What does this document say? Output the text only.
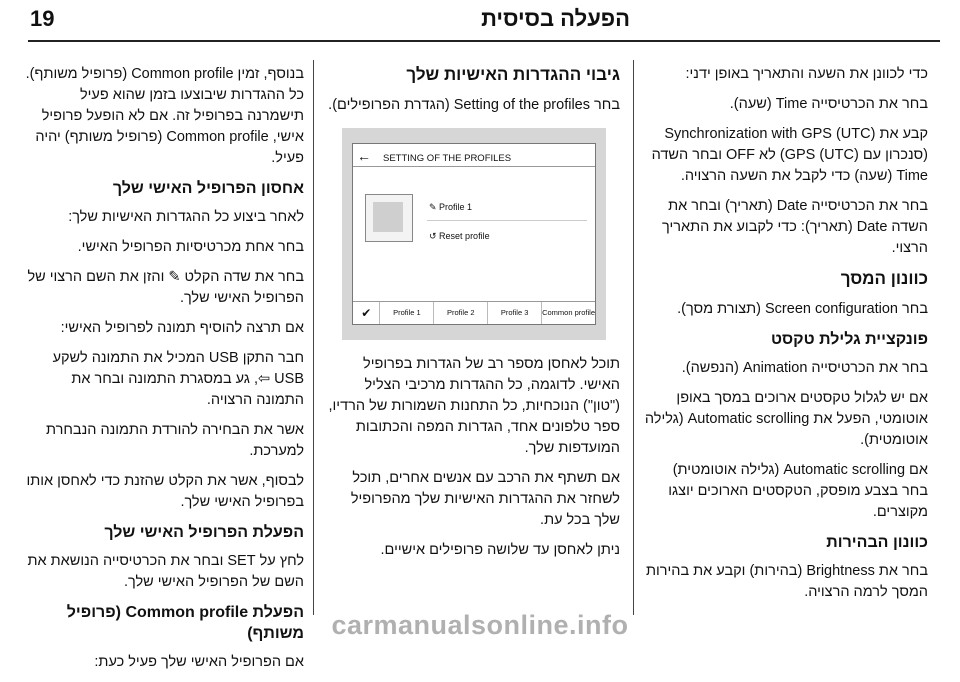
19	הפעלה בסיסית

כדי לכוונן את השעה והתאריך באופן ידני:

בחר את הכרטיסייה Time (שעה).

קבע את Synchronization with GPS (UTC) (סנכרון עם GPS (UTC)) לא OFF ובחר השדה Time (שעה) כדי לקבל את השעה הרצויה.

בחר את הכרטיסייה Date (תאריך) ובחר את השדה Date (תאריך): כדי לקבוע את התאריך הרצוי.

כוונון המסך

בחר Screen configuration (תצורת מסך).

פונקציית גלילת טקסט

בחר את הכרטיסייה Animation (הנפשה).

אם יש לגלול טקסטים ארוכים במסך באופן אוטומטי, הפעל את Automatic scrolling (גלילה אוטומטית).

אם Automatic scrolling (גלילה אוטומטית) בחר בצבע מופסק, הטקסטים הארוכים יוצגו מקוצרים.

כוונון הבהירות

בחר את Brightness (בהירות) וקבע את בהירות המסך לרמה הרצויה.

גיבוי ההגדרות האישיות שלך

בחר Setting of the profiles (הגדרת הפרופילים).

← SETTING OF THE PROFILES
✎ Profile 1
↺ Reset profile
✔	Profile 1	Profile 2	Profile 3	Common profile

תוכל לאחסן מספר רב של הגדרות בפרופיל האישי. לדוגמה, כל ההגדרות מרכיבי הצליל ("טון") הנוכחיות, כל התחנות השמורות של הרדיו, ספר טלפונים אחד, הגדרות המפה והכתובות המועדפות שלך.

אם תשתף את הרכב עם אנשים אחרים, תוכל לשחזר את ההגדרות האישיות שלך מהפרופיל שלך בכל עת.

ניתן לאחסן עד שלושה פרופילים אישיים.

בנוסף, זמין Common profile (פרופיל משותף). כל ההגדרות שיבוצעו בזמן שהוא פעיל תישמרנה בפרופיל זה. אם לא הופעל פרופיל אישי, Common profile (פרופיל משותף) יהיה פעיל.

אחסון הפרופיל האישי שלך

לאחר ביצוע כל ההגדרות האישיות שלך:

בחר אחת מכרטיסיות הפרופיל האישי.

בחר את שדה הקלט ✎ והזן את השם הרצוי של הפרופיל האישי שלך.

אם תרצה להוסיף תמונה לפרופיל האישי:

חבר התקן USB המכיל את התמונה לשקע USB ⇦, גע במסגרת התמונה ובחר את התמונה הרצויה.

אשר את הבחירה להורדת התמונה הנבחרת למערכת.

לבסוף, אשר את הקלט שהזנת כדי לאחסן אותו בפרופיל האישי שלך.

הפעלת הפרופיל האישי שלך

לחץ על SET ובחר את הכרטיסייה הנושאת את השם של הפרופיל האישי שלך.

הפעלת Common profile (פרופיל משותף)

אם הפרופיל האישי שלך פעיל כעת:

carmanualsonline.info
